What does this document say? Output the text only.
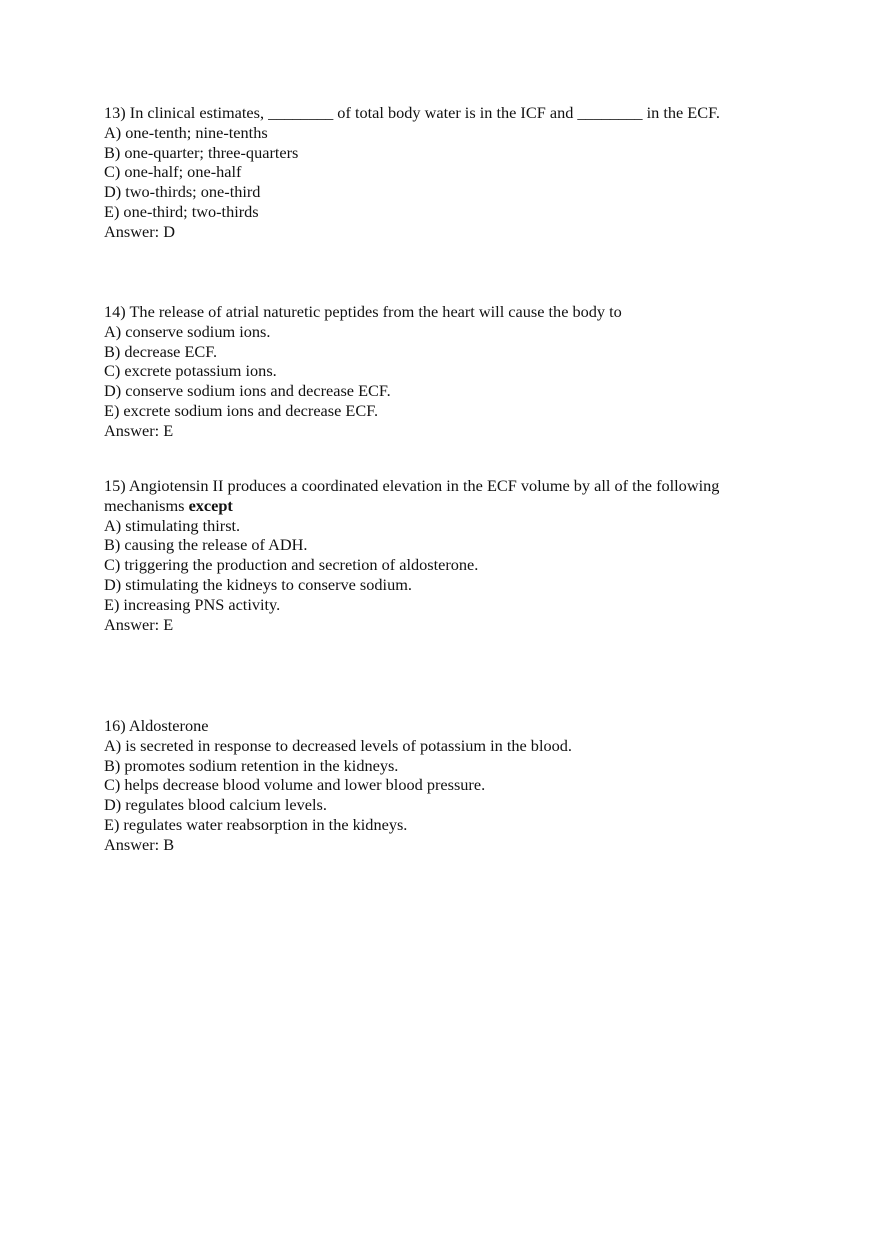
13) In clinical estimates, ________ of total body water is in the ICF and ________ in the ECF.
A) one-tenth; nine-tenths
B) one-quarter; three-quarters
C) one-half; one-half
D) two-thirds; one-third
E) one-third; two-thirds
Answer: D
14) The release of atrial naturetic peptides from the heart will cause the body to
A) conserve sodium ions.
B) decrease ECF.
C) excrete potassium ions.
D) conserve sodium ions and decrease ECF.
E) excrete sodium ions and decrease ECF.
Answer: E
15) Angiotensin II produces a coordinated elevation in the ECF volume by all of the following mechanisms except
A) stimulating thirst.
B) causing the release of ADH.
C) triggering the production and secretion of aldosterone.
D) stimulating the kidneys to conserve sodium.
E) increasing PNS activity.
Answer: E
16) Aldosterone
A) is secreted in response to decreased levels of potassium in the blood.
B) promotes sodium retention in the kidneys.
C) helps decrease blood volume and lower blood pressure.
D) regulates blood calcium levels.
E) regulates water reabsorption in the kidneys.
Answer: B
